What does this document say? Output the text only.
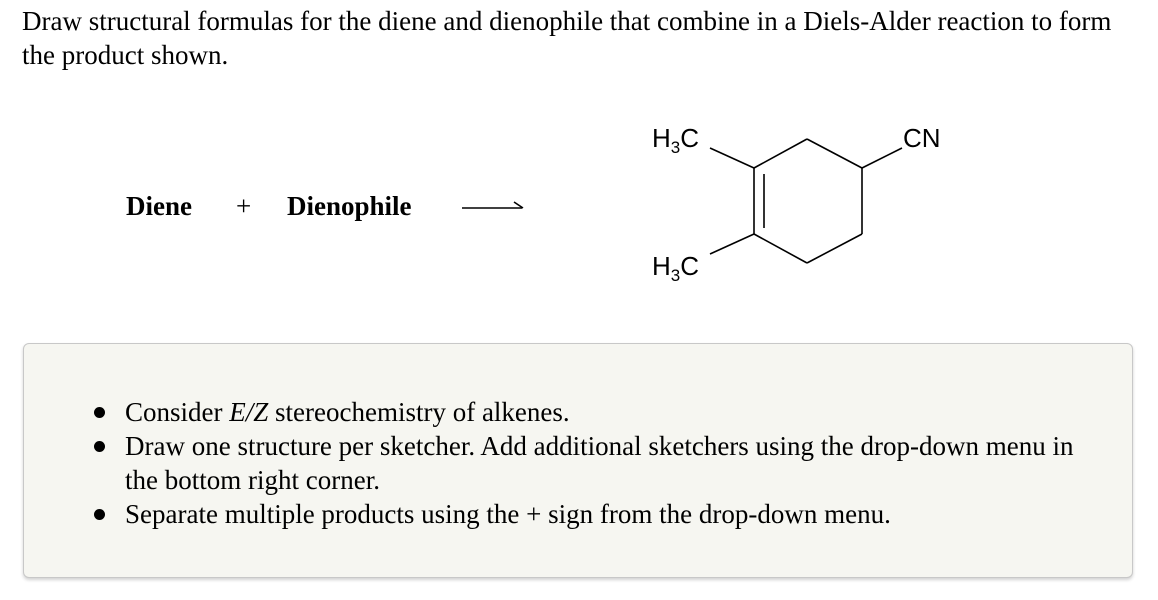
Draw structural formulas for the diene and dienophile that combine in a Diels-Alder reaction to form the product shown.

Diene + Dienophile
$H_3C$
$H_3C$
CN
Consider E/Z stereochemistry of alkenes.
Draw one structure per sketcher. Add additional sketchers using the drop-down menu in the bottom right corner.
Separate multiple products using the + sign from the drop-down menu.
